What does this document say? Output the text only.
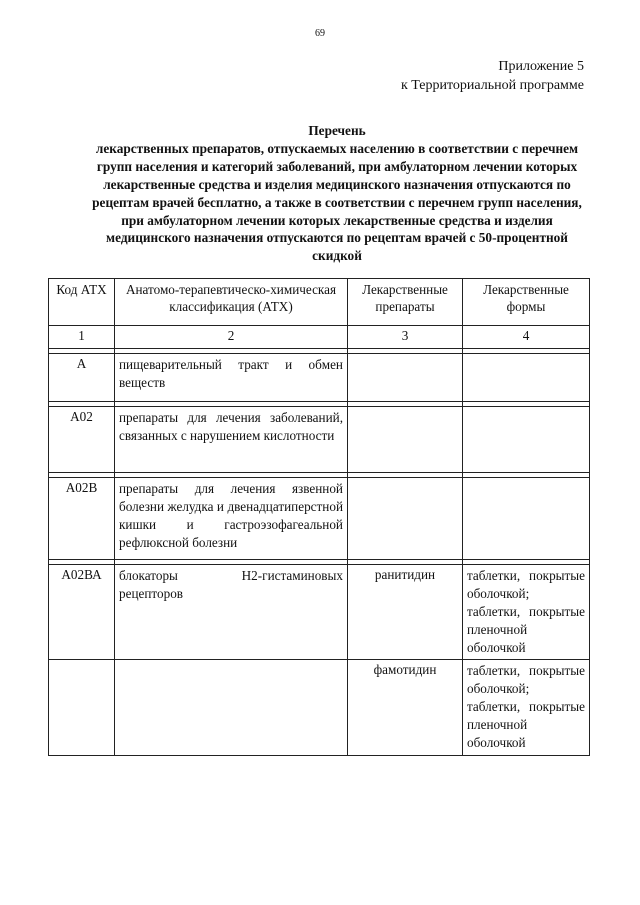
69
Приложение 5
к Территориальной программе
Перечень
лекарственных препаратов, отпускаемых населению в соответствии с перечнем групп населения и категорий заболеваний, при амбулаторном лечении которых лекарственные средства и изделия медицинского назначения отпускаются по рецептам врачей бесплатно, а также в соответствии с перечнем групп населения, при амбулаторном лечении которых лекарственные средства и изделия медицинского назначения отпускаются по рецептам врачей с 50-процентной скидкой
Код АТХ	Анатомо-терапевтическо-химическая классификация (АТХ)	Лекарственные препараты	Лекарственные формы
1	2	3	4

А	пищеварительный тракт и обмен веществ		

А02	препараты для лечения заболеваний, связанных с нарушением кислотности		

А02В	препараты для лечения язвенной болезни желудка и двенадцатиперстной кишки и гастроэзофагеальной рефлюксной болезни		

А02ВА	блокаторы H2-гистаминовых рецепторов	ранитидин	таблетки, покрытые оболочкой; таблетки, покрытые пленочной оболочкой
		фамотидин	таблетки, покрытые оболочкой; таблетки, покрытые пленочной оболочкой
